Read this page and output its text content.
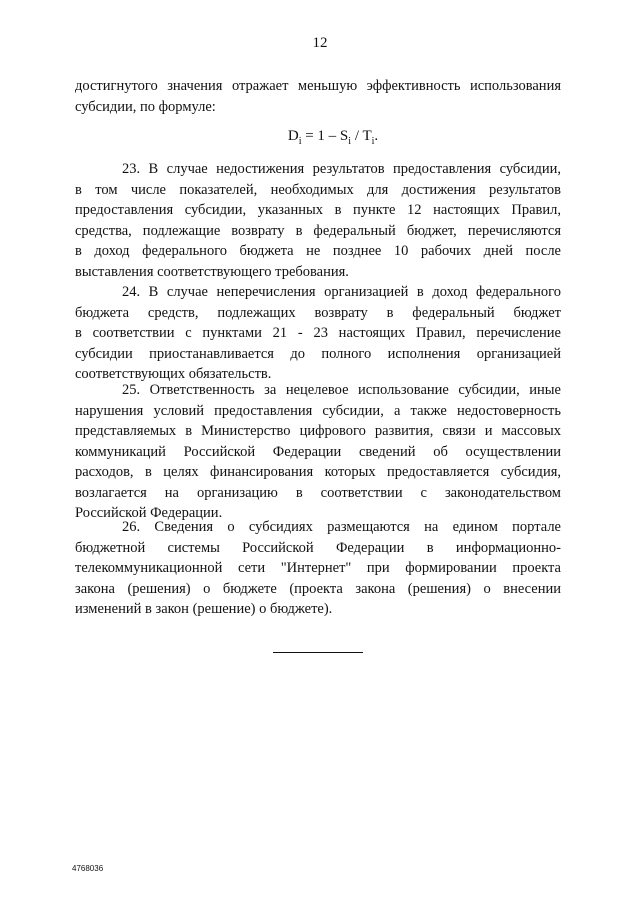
12
достигнутого значения отражает меньшую эффективность использования
субсидии, по формуле:
$D_i = 1 - S_i / T_i$.
23. В случае недостижения результатов предоставления субсидии,
в том числе показателей, необходимых для достижения результатов
предоставления субсидии, указанных в пункте 12 настоящих Правил,
средства, подлежащие возврату в федеральный бюджет, перечисляются
в доход федерального бюджета не позднее 10 рабочих дней после
выставления соответствующего требования.
24. В случае неперечисления организацией в доход федерального
бюджета средств, подлежащих возврату в федеральный бюджет
в соответствии с пунктами 21 - 23 настоящих Правил, перечисление
субсидии приостанавливается до полного исполнения организацией
соответствующих обязательств.
25. Ответственность за нецелевое использование субсидии, иные
нарушения условий предоставления субсидии, а также недостоверность
представляемых в Министерство цифрового развития, связи и массовых
коммуникаций Российской Федерации сведений об осуществлении
расходов, в целях финансирования которых предоставляется субсидия,
возлагается на организацию в соответствии с законодательством
Российской Федерации.
26. Сведения о субсидиях размещаются на едином портале
бюджетной системы Российской Федерации в информационно-
телекоммуникационной сети "Интернет" при формировании проекта
закона (решения) о бюджете (проекта закона (решения) о внесении
изменений в закон (решение) о бюджете).
4768036
